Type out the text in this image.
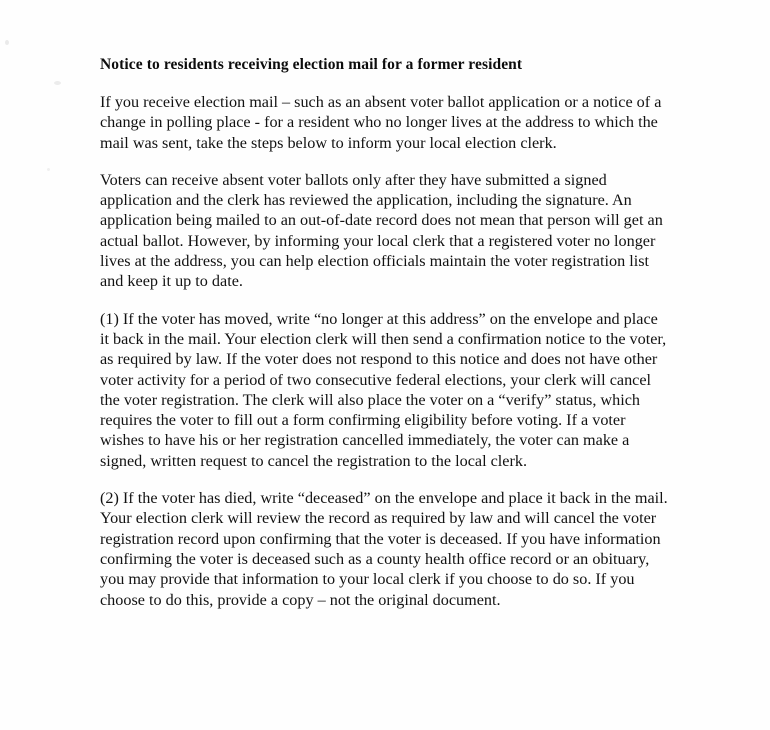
Notice to residents receiving election mail for a former resident

If you receive election mail – such as an absent voter ballot application or a notice of a change in polling place - for a resident who no longer lives at the address to which the mail was sent, take the steps below to inform your local election clerk.

Voters can receive absent voter ballots only after they have submitted a signed application and the clerk has reviewed the application, including the signature. An application being mailed to an out-of-date record does not mean that person will get an actual ballot. However, by informing your local clerk that a registered voter no longer lives at the address, you can help election officials maintain the voter registration list and keep it up to date.

(1) If the voter has moved, write “no longer at this address” on the envelope and place it back in the mail. Your election clerk will then send a confirmation notice to the voter, as required by law. If the voter does not respond to this notice and does not have other voter activity for a period of two consecutive federal elections, your clerk will cancel the voter registration. The clerk will also place the voter on a “verify” status, which requires the voter to fill out a form confirming eligibility before voting. If a voter wishes to have his or her registration cancelled immediately, the voter can make a signed, written request to cancel the registration to the local clerk.

(2) If the voter has died, write “deceased” on the envelope and place it back in the mail. Your election clerk will review the record as required by law and will cancel the voter registration record upon confirming that the voter is deceased. If you have information confirming the voter is deceased such as a county health office record or an obituary, you may provide that information to your local clerk if you choose to do so. If you choose to do this, provide a copy – not the original document.
